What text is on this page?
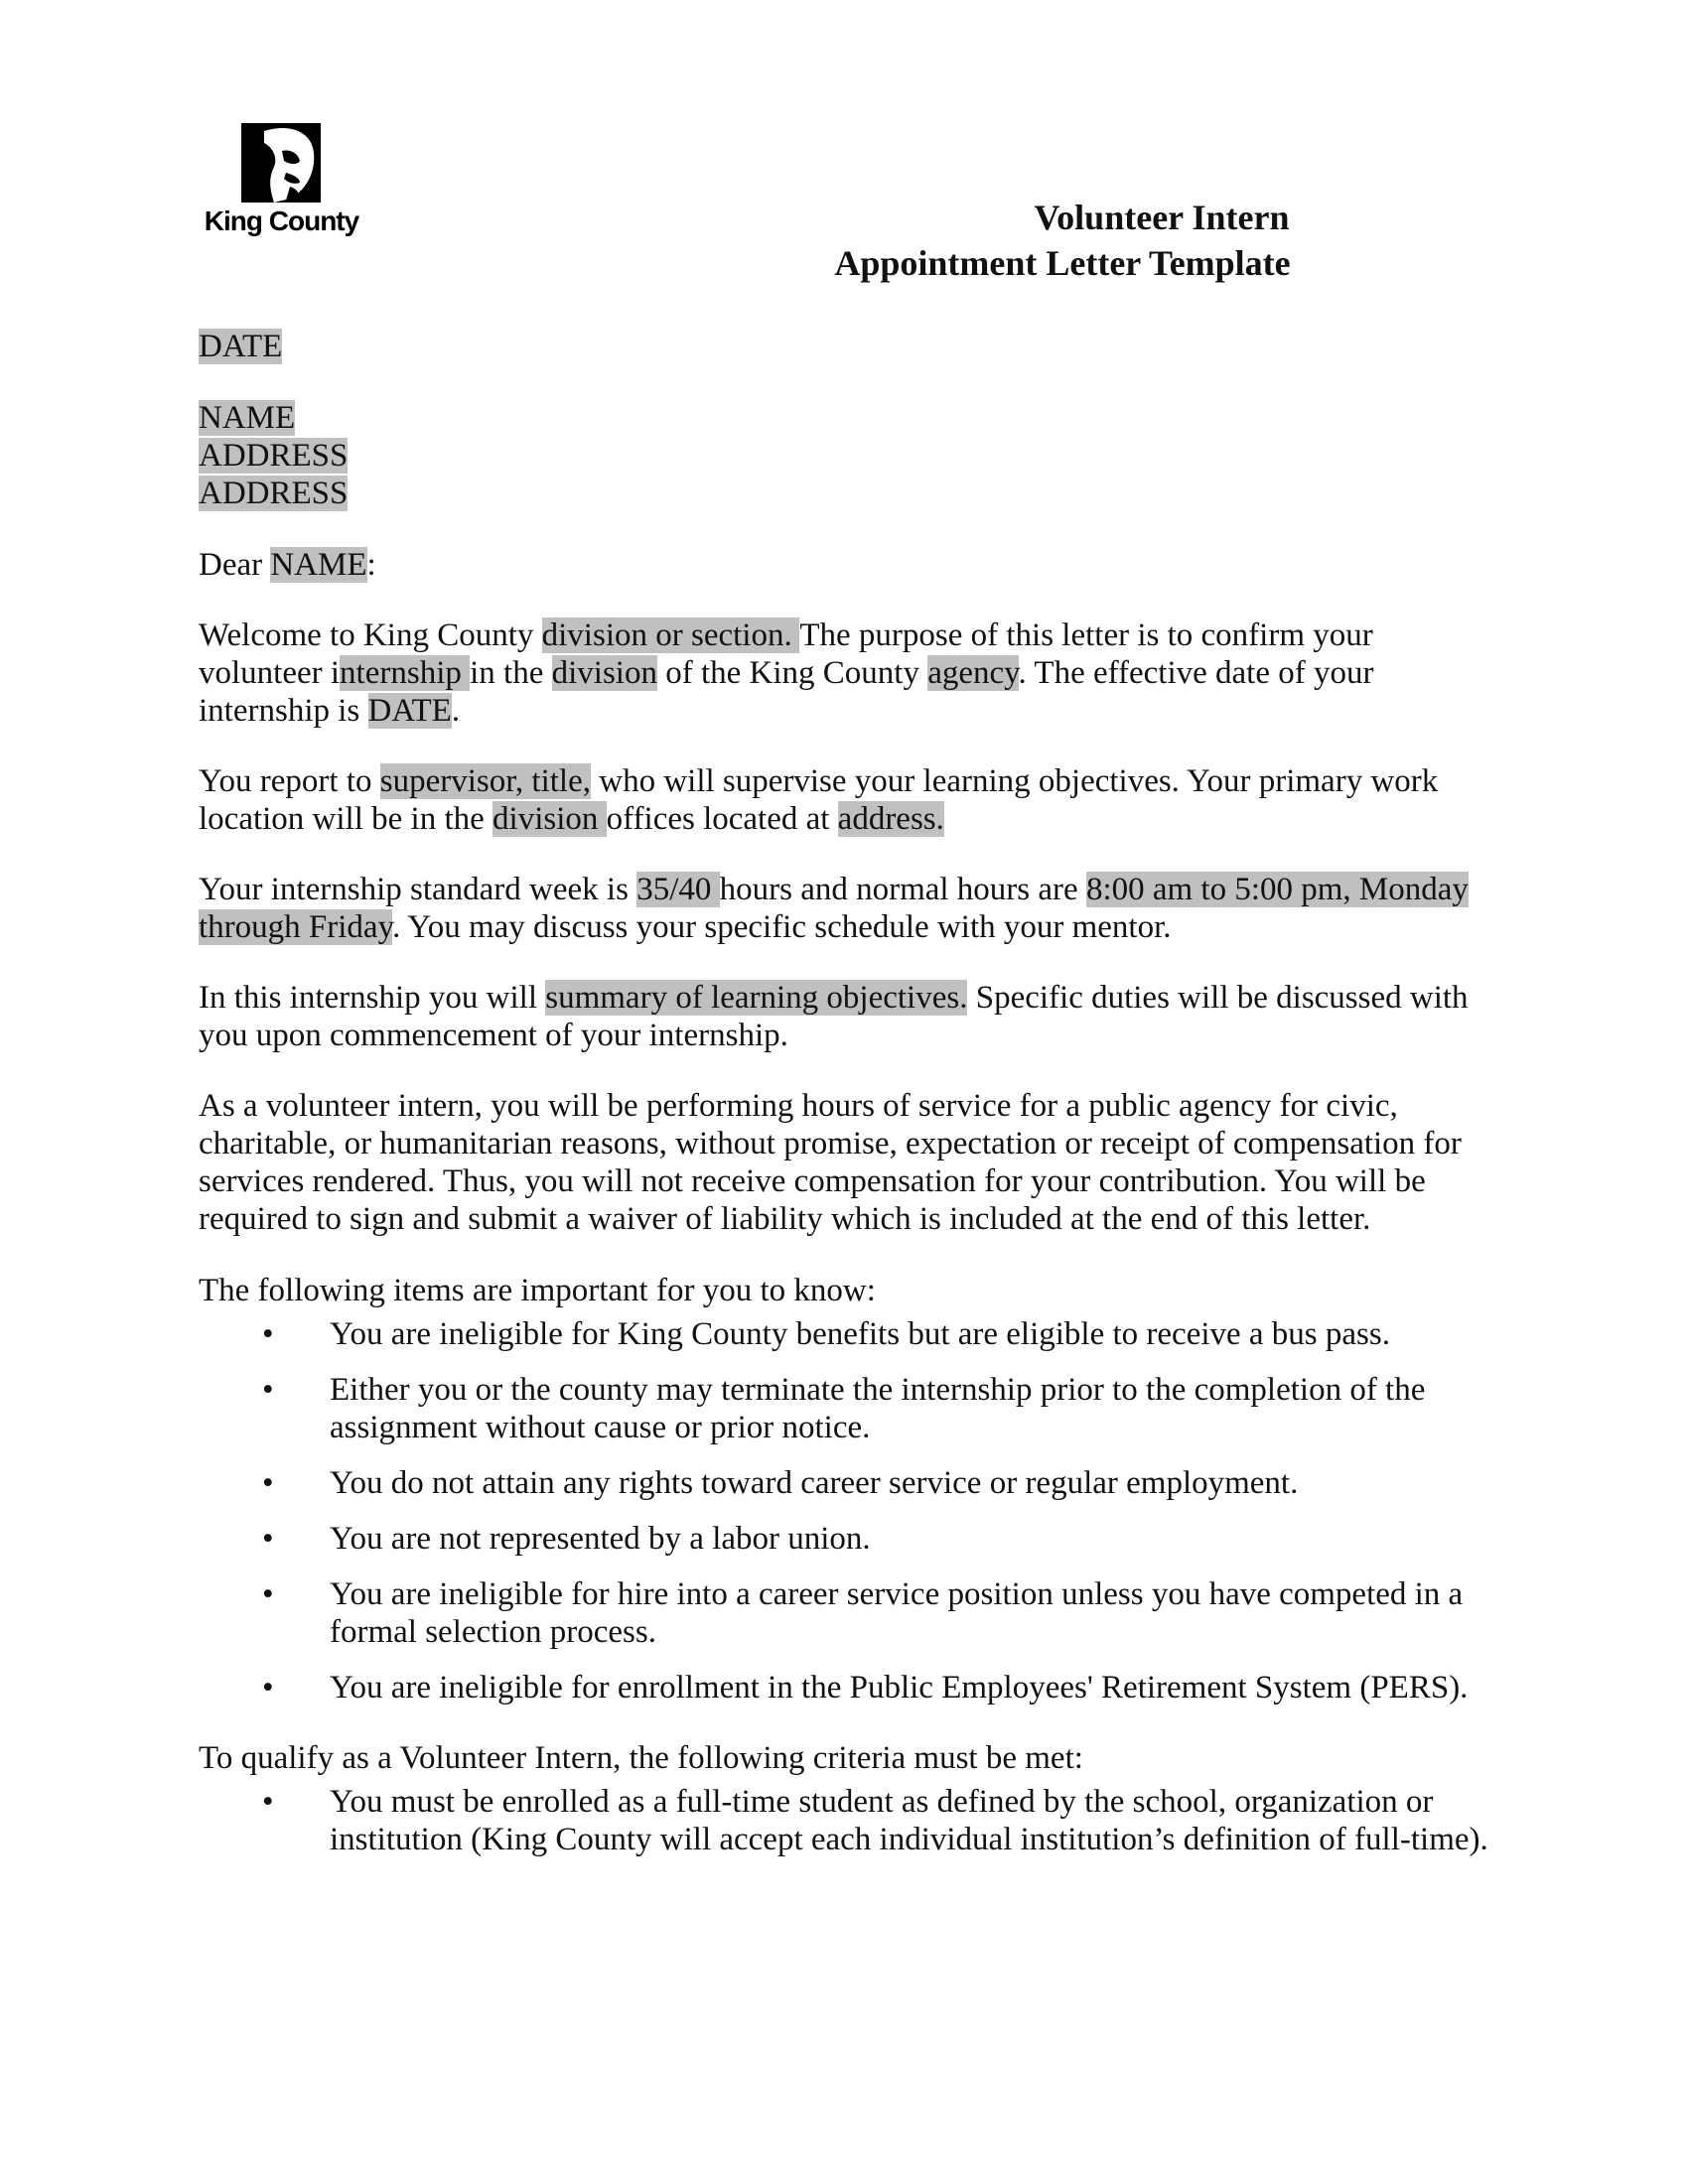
King County	Volunteer Intern
Appointment Letter Template

DATE

NAME

ADDRESS

ADDRESS

Dear NAME:

Welcome to King County division or section. The purpose of this letter is to confirm your volunteer internship in the division of the King County agency. The effective date of your internship is DATE.

You report to supervisor, title, who will supervise your learning objectives. Your primary work location will be in the division offices located at address.

Your internship standard week is 35/40 hours and normal hours are 8:00 am to 5:00 pm, Monday through Friday. You may discuss your specific schedule with your mentor.

In this internship you will summary of learning objectives. Specific duties will be discussed with you upon commencement of your internship.

As a volunteer intern, you will be performing hours of service for a public agency for civic, charitable, or humanitarian reasons, without promise, expectation or receipt of compensation for services rendered. Thus, you will not receive compensation for your contribution. You will be required to sign and submit a waiver of liability which is included at the end of this letter.

The following items are important for you to know:

• You are ineligible for King County benefits but are eligible to receive a bus pass.
• Either you or the county may terminate the internship prior to the completion of the assignment without cause or prior notice.
• You do not attain any rights toward career service or regular employment.
• You are not represented by a labor union.
• You are ineligible for hire into a career service position unless you have competed in a formal selection process.
• You are ineligible for enrollment in the Public Employees' Retirement System (PERS).

To qualify as a Volunteer Intern, the following criteria must be met:

• You must be enrolled as a full-time student as defined by the school, organization or institution (King County will accept each individual institution’s definition of full-time).
